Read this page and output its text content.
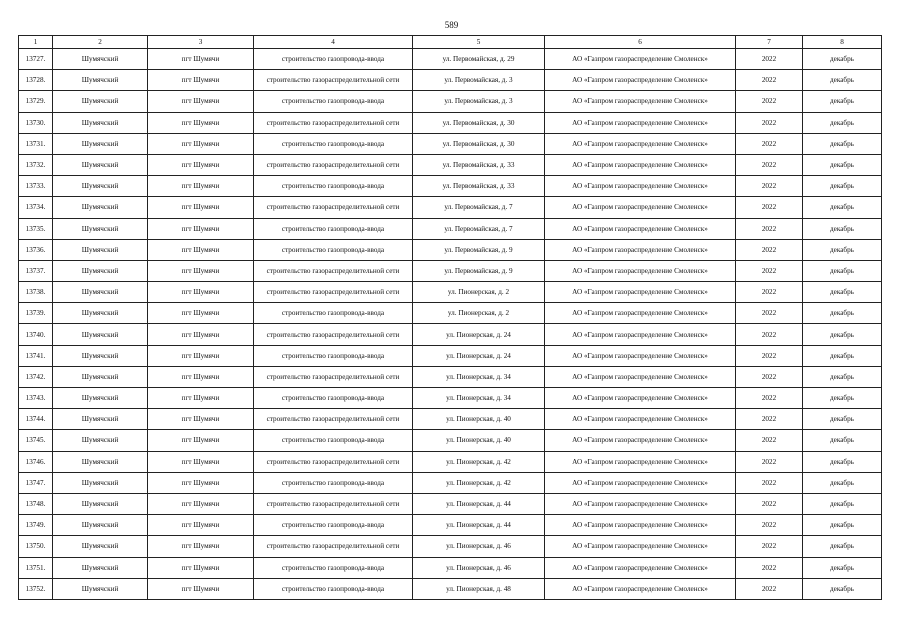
589
1	2	3	4	5	6	7	8
13727.	Шумячский	пгт Шумячи	строительство газопровода-ввода	ул. Первомайская, д. 29	АО «Газпром газораспределение Смоленск»	2022	декабрь
13728.	Шумячский	пгт Шумячи	строительство газораспределительной сети	ул. Первомайская, д. 3	АО «Газпром газораспределение Смоленск»	2022	декабрь
13729.	Шумячский	пгт Шумячи	строительство газопровода-ввода	ул. Первомайская, д. 3	АО «Газпром газораспределение Смоленск»	2022	декабрь
13730.	Шумячский	пгт Шумячи	строительство газораспределительной сети	ул. Первомайская, д. 30	АО «Газпром газораспределение Смоленск»	2022	декабрь
13731.	Шумячский	пгт Шумячи	строительство газопровода-ввода	ул. Первомайская, д. 30	АО «Газпром газораспределение Смоленск»	2022	декабрь
13732.	Шумячский	пгт Шумячи	строительство газораспределительной сети	ул. Первомайская, д. 33	АО «Газпром газораспределение Смоленск»	2022	декабрь
13733.	Шумячский	пгт Шумячи	строительство газопровода-ввода	ул. Первомайская, д. 33	АО «Газпром газораспределение Смоленск»	2022	декабрь
13734.	Шумячский	пгт Шумячи	строительство газораспределительной сети	ул. Первомайская, д. 7	АО «Газпром газораспределение Смоленск»	2022	декабрь
13735.	Шумячский	пгт Шумячи	строительство газопровода-ввода	ул. Первомайская, д. 7	АО «Газпром газораспределение Смоленск»	2022	декабрь
13736.	Шумячский	пгт Шумячи	строительство газопровода-ввода	ул. Первомайская, д. 9	АО «Газпром газораспределение Смоленск»	2022	декабрь
13737.	Шумячский	пгт Шумячи	строительство газораспределительной сети	ул. Первомайская, д. 9	АО «Газпром газораспределение Смоленск»	2022	декабрь
13738.	Шумячский	пгт Шумячи	строительство газораспределительной сети	ул. Пионерская, д. 2	АО «Газпром газораспределение Смоленск»	2022	декабрь
13739.	Шумячский	пгт Шумячи	строительство газопровода-ввода	ул. Пионерская, д. 2	АО «Газпром газораспределение Смоленск»	2022	декабрь
13740.	Шумячский	пгт Шумячи	строительство газораспределительной сети	ул. Пионерская, д. 24	АО «Газпром газораспределение Смоленск»	2022	декабрь
13741.	Шумячский	пгт Шумячи	строительство газопровода-ввода	ул. Пионерская, д. 24	АО «Газпром газораспределение Смоленск»	2022	декабрь
13742.	Шумячский	пгт Шумячи	строительство газораспределительной сети	ул. Пионерская, д. 34	АО «Газпром газораспределение Смоленск»	2022	декабрь
13743.	Шумячский	пгт Шумячи	строительство газопровода-ввода	ул. Пионерская, д. 34	АО «Газпром газораспределение Смоленск»	2022	декабрь
13744.	Шумячский	пгт Шумячи	строительство газораспределительной сети	ул. Пионерская, д. 40	АО «Газпром газораспределение Смоленск»	2022	декабрь
13745.	Шумячский	пгт Шумячи	строительство газопровода-ввода	ул. Пионерская, д. 40	АО «Газпром газораспределение Смоленск»	2022	декабрь
13746.	Шумячский	пгт Шумячи	строительство газораспределительной сети	ул. Пионерская, д. 42	АО «Газпром газораспределение Смоленск»	2022	декабрь
13747.	Шумячский	пгт Шумячи	строительство газопровода-ввода	ул. Пионерская, д. 42	АО «Газпром газораспределение Смоленск»	2022	декабрь
13748.	Шумячский	пгт Шумячи	строительство газораспределительной сети	ул. Пионерская, д. 44	АО «Газпром газораспределение Смоленск»	2022	декабрь
13749.	Шумячский	пгт Шумячи	строительство газопровода-ввода	ул. Пионерская, д. 44	АО «Газпром газораспределение Смоленск»	2022	декабрь
13750.	Шумячский	пгт Шумячи	строительство газораспределительной сети	ул. Пионерская, д. 46	АО «Газпром газораспределение Смоленск»	2022	декабрь
13751.	Шумячский	пгт Шумячи	строительство газопровода-ввода	ул. Пионерская, д. 46	АО «Газпром газораспределение Смоленск»	2022	декабрь
13752.	Шумячский	пгт Шумячи	строительство газопровода-ввода	ул. Пионерская, д. 48	АО «Газпром газораспределение Смоленск»	2022	декабрь
